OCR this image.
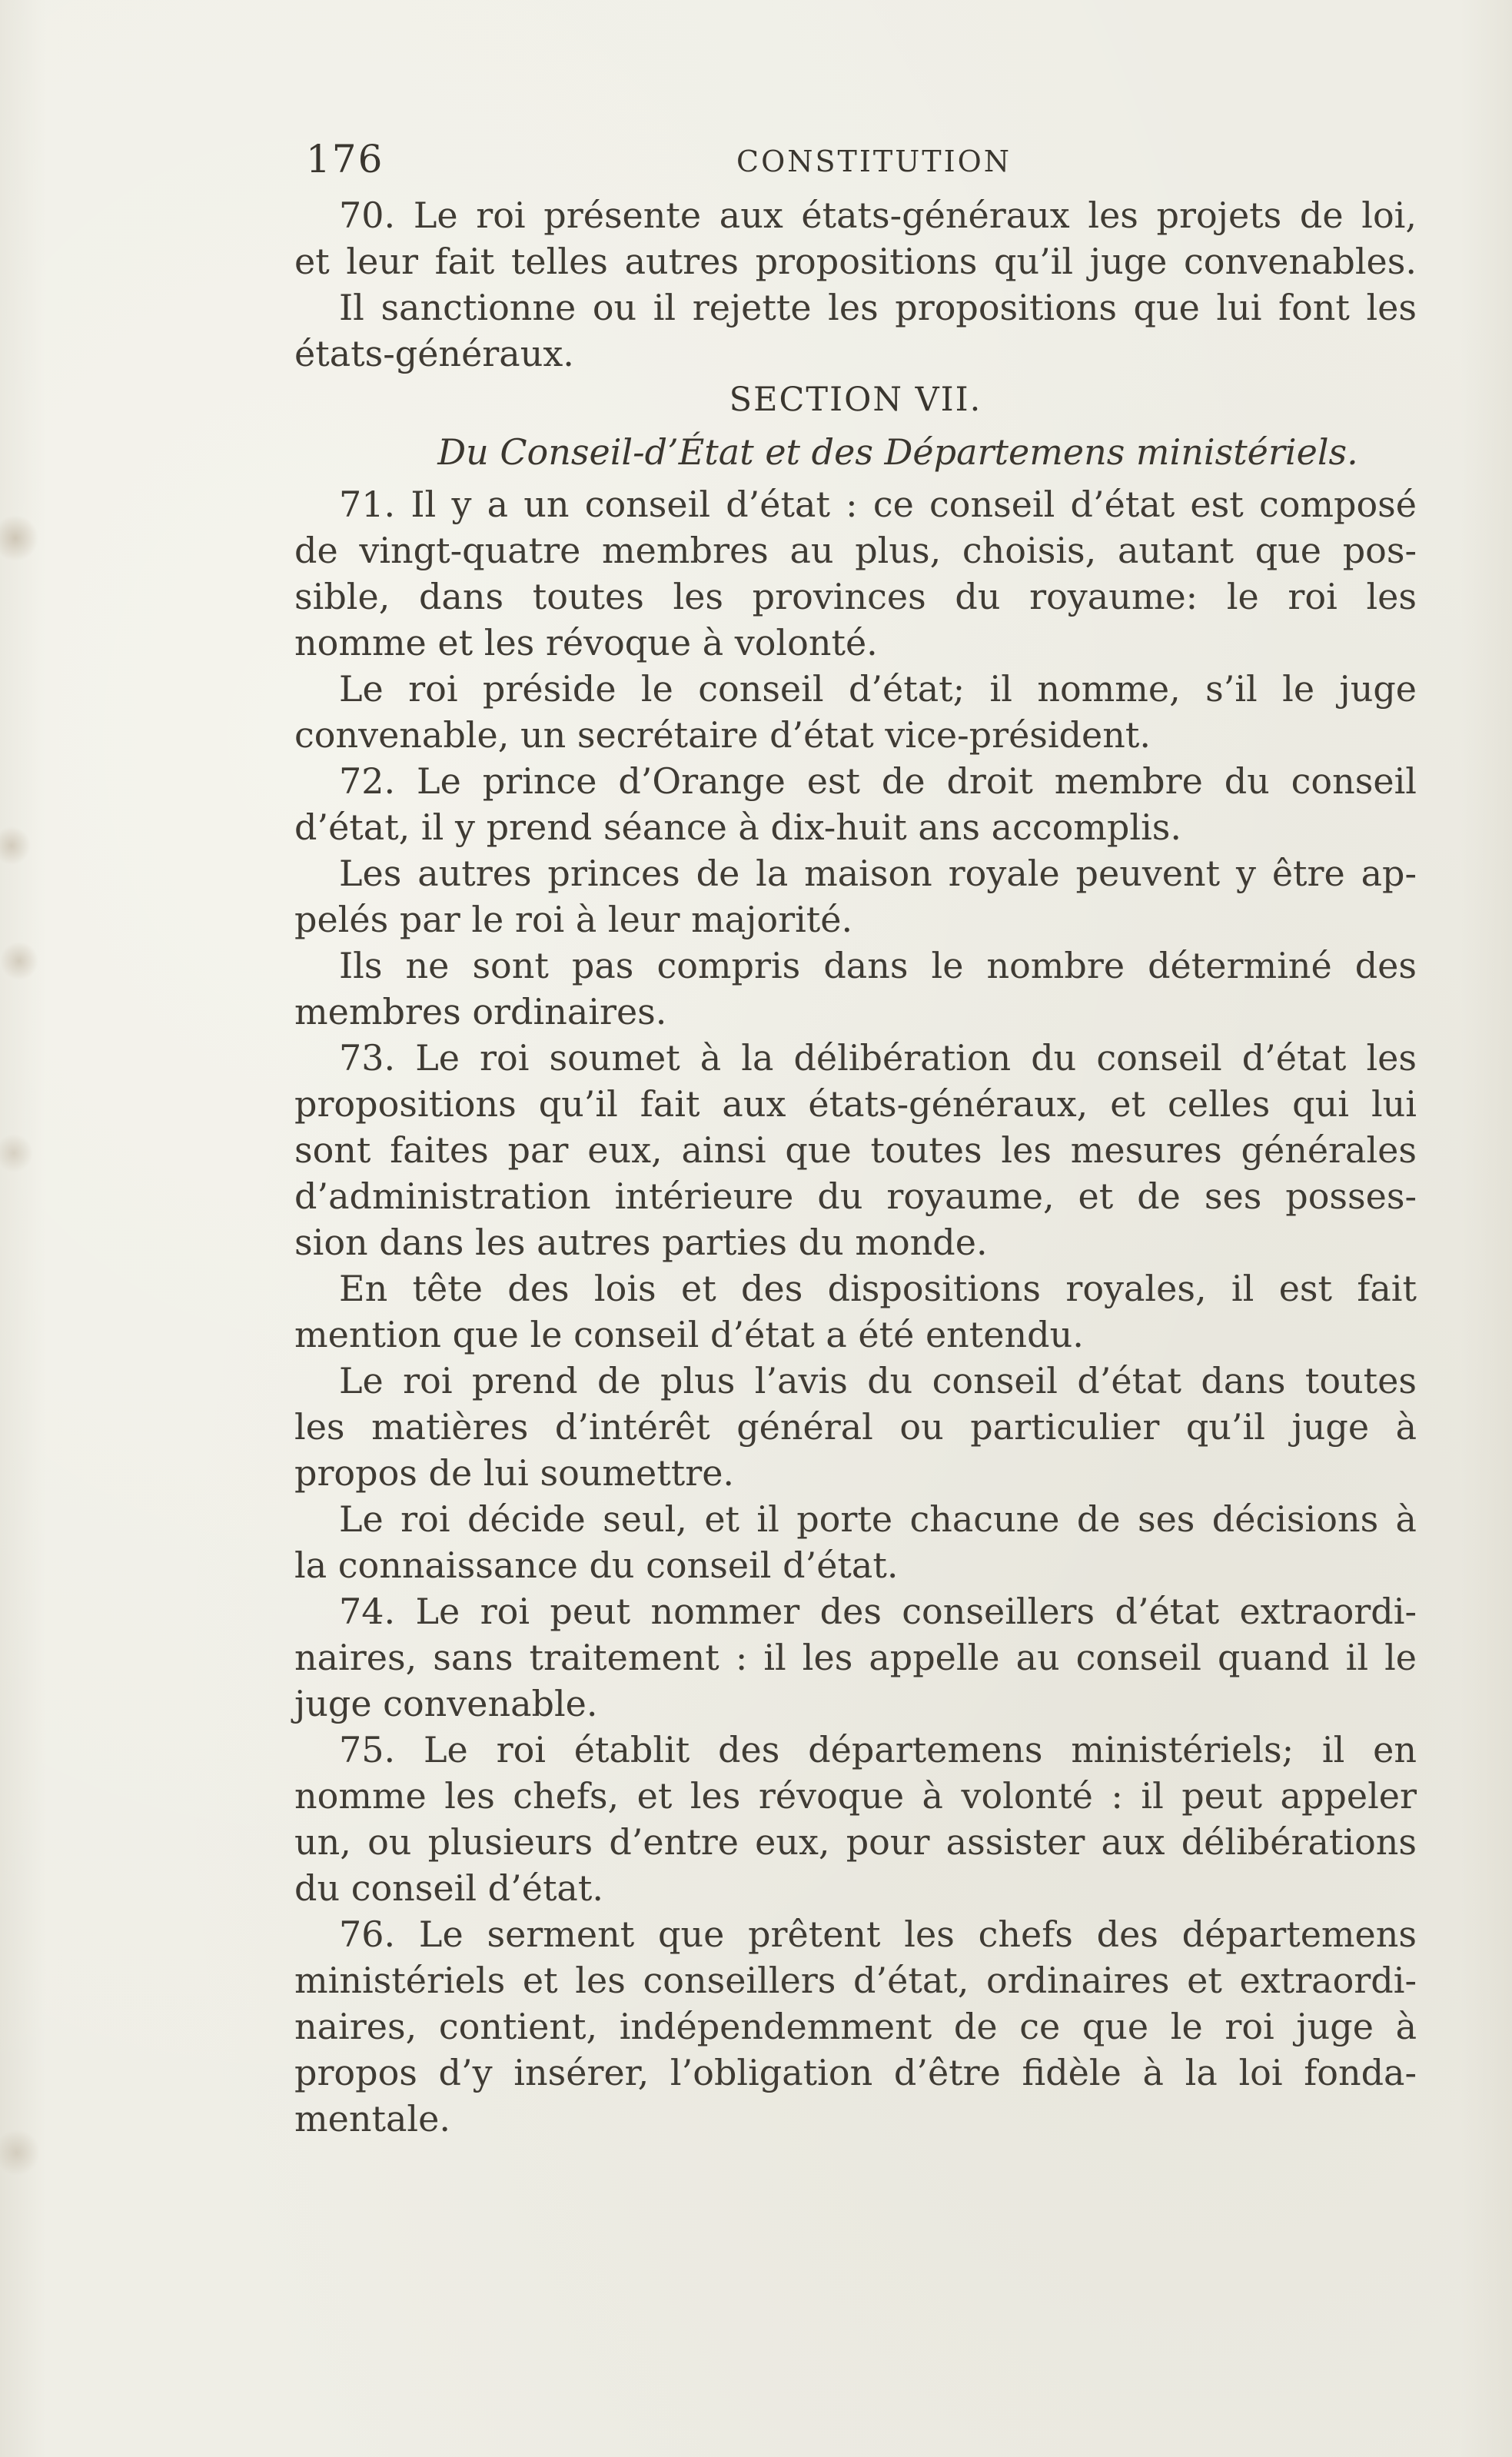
176	CONSTITUTION
70. Le roi présente aux états-généraux les projets de loi,
et leur fait telles autres propositions qu’il juge convenables.
Il sanctionne ou il rejette les propositions que lui font les
états-généraux.
SECTION VII.
Du Conseil-d’État et des Départemens ministériels.
71. Il y a un conseil d’état : ce conseil d’état est composé
de vingt-quatre membres au plus, choisis, autant que pos-
sible, dans toutes les provinces du royaume: le roi les
nomme et les révoque à volonté.
Le roi préside le conseil d’état; il nomme, s’il le juge
convenable, un secrétaire d’état vice-président.
72. Le prince d’Orange est de droit membre du conseil
d’état, il y prend séance à dix-huit ans accomplis.
Les autres princes de la maison royale peuvent y être ap-
pelés par le roi à leur majorité.
Ils ne sont pas compris dans le nombre déterminé des
membres ordinaires.
73. Le roi soumet à la délibération du conseil d’état les
propositions qu’il fait aux états-généraux, et celles qui lui
sont faites par eux, ainsi que toutes les mesures générales
d’administration intérieure du royaume, et de ses posses-
sion dans les autres parties du monde.
En tête des lois et des dispositions royales, il est fait
mention que le conseil d’état a été entendu.
Le roi prend de plus l’avis du conseil d’état dans toutes
les matières d’intérêt général ou particulier qu’il juge à
propos de lui soumettre.
Le roi décide seul, et il porte chacune de ses décisions à
la connaissance du conseil d’état.
74. Le roi peut nommer des conseillers d’état extraordi-
naires, sans traitement : il les appelle au conseil quand il le
juge convenable.
75. Le roi établit des départemens ministériels; il en
nomme les chefs, et les révoque à volonté : il peut appeler
un, ou plusieurs d’entre eux, pour assister aux délibérations
du conseil d’état.
76. Le serment que prêtent les chefs des départemens
ministériels et les conseillers d’état, ordinaires et extraordi-
naires, contient, indépendemment de ce que le roi juge à
propos d’y insérer, l’obligation d’être fidèle à la loi fonda-
mentale.
